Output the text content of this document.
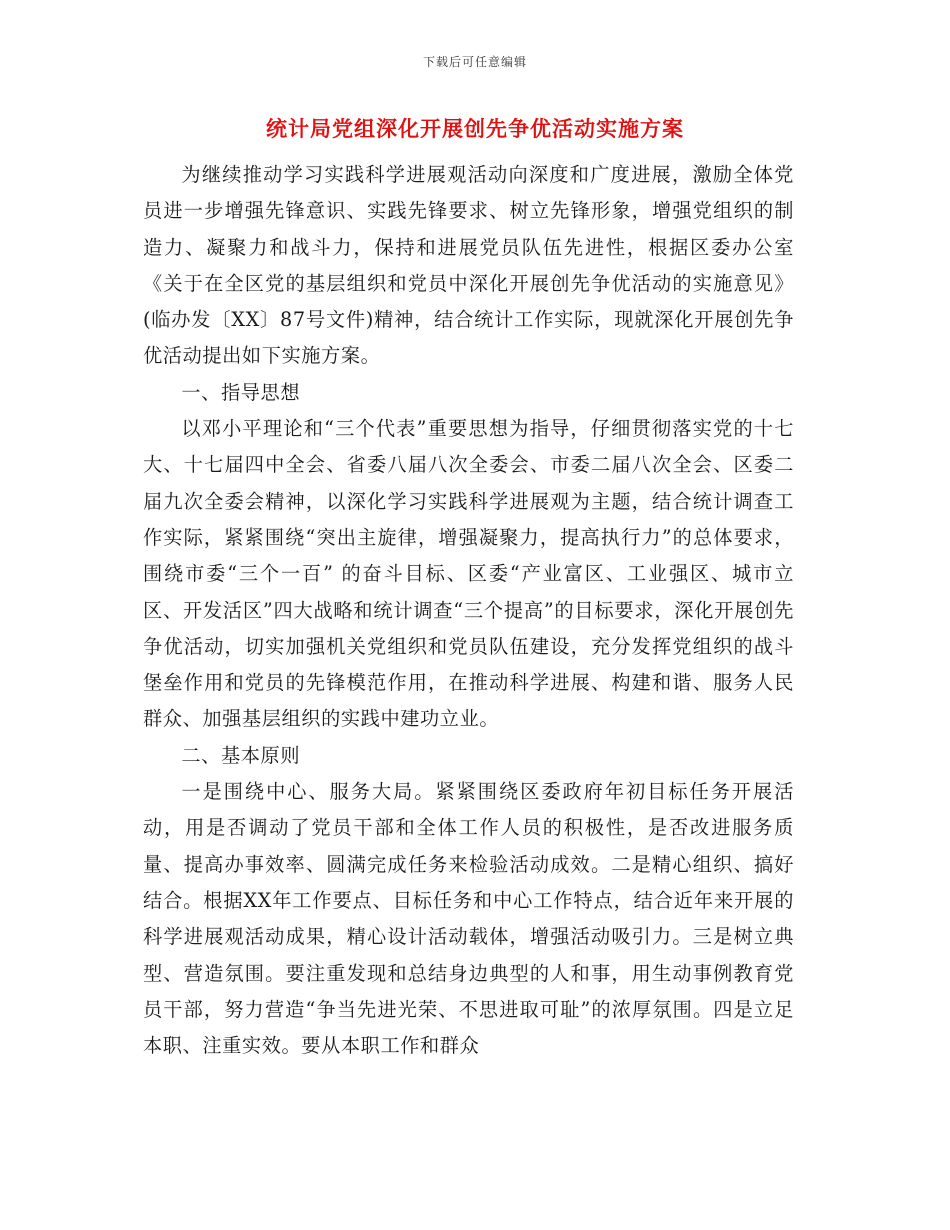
下载后可任意编辑
统计局党组深化开展创先争优活动实施方案

为继续推动学习实践科学进展观活动向深度和广度进展，激励全体党员进一步增强先锋意识、实践先锋要求、树立先锋形象，增强党组织的制造力、凝聚力和战斗力，保持和进展党员队伍先进性，根据区委办公室《关于在全区党的基层组织和党员中深化开展创先争优活动的实施意见》(临办发〔XX〕87号文件)精神，结合统计工作实际，现就深化开展创先争优活动提出如下实施方案。

一、指导思想

以邓小平理论和“三个代表”重要思想为指导，仔细贯彻落实党的十七大、十七届四中全会、省委八届八次全委会、市委二届八次全会、区委二届九次全委会精神，以深化学习实践科学进展观为主题，结合统计调查工作实际，紧紧围绕“突出主旋律，增强凝聚力，提高执行力”的总体要求，围绕市委“三个一百” 的奋斗目标、区委“产业富区、工业强区、城市立区、开发活区”四大战略和统计调查“三个提高”的目标要求，深化开展创先争优活动，切实加强机关党组织和党员队伍建设，充分发挥党组织的战斗堡垒作用和党员的先锋模范作用，在推动科学进展、构建和谐、服务人民群众、加强基层组织的实践中建功立业。

二、基本原则

一是围绕中心、服务大局。紧紧围绕区委政府年初目标任务开展活动，用是否调动了党员干部和全体工作人员的积极性，是否改进服务质量、提高办事效率、圆满完成任务来检验活动成效。二是精心组织、搞好结合。根据XX年工作要点、目标任务和中心工作特点，结合近年来开展的科学进展观活动成果，精心设计活动载体，增强活动吸引力。三是树立典型、营造氛围。要注重发现和总结身边典型的人和事，用生动事例教育党员干部，努力营造“争当先进光荣、不思进取可耻”的浓厚氛围。四是立足本职、注重实效。要从本职工作和群众
